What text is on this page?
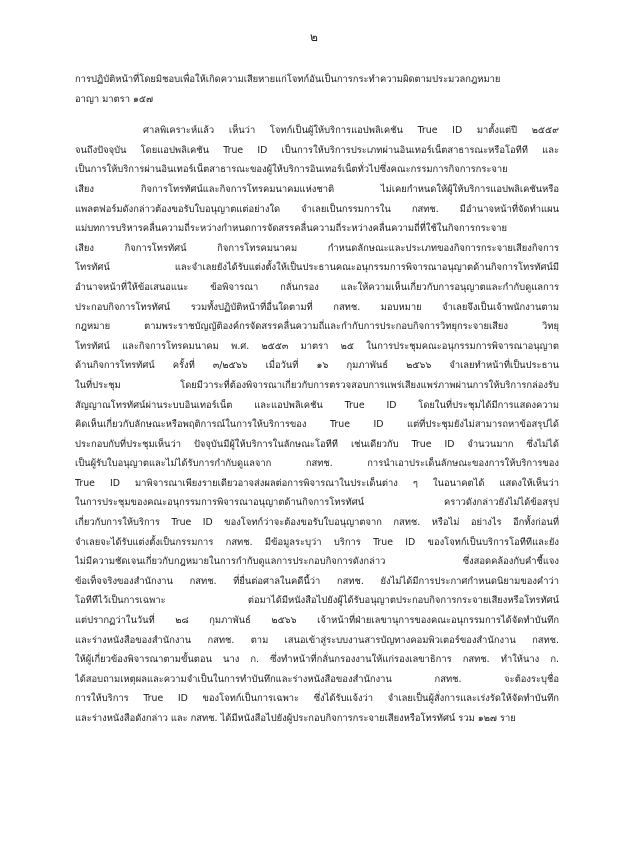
๒
การปฏิบัติหน้าที่โดยมิชอบเพื่อให้เกิดความเสียหายแก่โจทก์อันเป็นการกระทำความผิดตามประมวลกฎหมาย
อาญา มาตรา ๑๕๗
ศาลพิเคราะห์แล้ว เห็นว่า โจทก์เป็นผู้ให้บริการแอปพลิเคชัน True ID มาตั้งแต่ปี ๒๕๕๙
จนถึงปัจจุบัน โดยแอปพลิเคชัน True ID เป็นการให้บริการประเภทผ่านอินเทอร์เน็ตสาธารณะหรือโอทีที และ
เป็นการให้บริการผ่านอินเทอร์เน็ตสาธารณะของผู้ให้บริการอินเทอร์เน็ตทั่วไปซึ่งคณะกรรมการกิจการกระจาย
เสียง กิจการโทรทัศน์และกิจการโทรคมนาคมแห่งชาติ ไม่เคยกำหนดให้ผู้ให้บริการแอปพลิเคชันหรือ
แพลตฟอร์มดังกล่าวต้องขอรับใบอนุญาตแต่อย่างใด จำเลยเป็นกรรมการใน กสทช. มีอำนาจหน้าที่จัดทำแผน
แม่บทการบริหารคลื่นความถี่ระหว่างกำหนดการจัดสรรคลื่นความถี่ระหว่างคลื่นความถี่ที่ใช้ในกิจการกระจาย
เสียง กิจการโทรทัศน์ กิจการโทรคมนาคม กำหนดลักษณะและประเภทของกิจการกระจายเสียงกิจการ
โทรทัศน์ และจำเลยยังได้รับแต่งตั้งให้เป็นประธานคณะอนุกรรมการพิจารณาอนุญาตด้านกิจการโทรทัศน์มี
อำนาจหน้าที่ให้ข้อเสนอแนะ ข้อพิจารณา กลั่นกรอง และให้ความเห็นเกี่ยวกับการอนุญาตและกำกับดูแลการ
ประกอบกิจการโทรทัศน์ รวมทั้งปฏิบัติหน้าที่อื่นใดตามที่ กสทช. มอบหมาย จำเลยจึงเป็นเจ้าพนักงานตาม
กฎหมาย ตามพระราชบัญญัติองค์กรจัดสรรคลื่นความถี่และกำกับการประกอบกิจการวิทยุกระจายเสียง วิทยุ
โทรทัศน์ และกิจการโทรคมนาคม พ.ศ. ๒๕๕๓ มาตรา ๒๕ ในการประชุมคณะอนุกรรมการพิจารณาอนุญาต
ด้านกิจการโทรทัศน์ ครั้งที่ ๓/๒๕๖๖ เมื่อวันที่ ๑๖ กุมภาพันธ์ ๒๕๖๖ จำเลยทำหน้าที่เป็นประธาน
ในที่ประชุม โดยมีวาระที่ต้องพิจารณาเกี่ยวกับการตรวจสอบการแพร่เสียงแพร่ภาพผ่านการให้บริการกล่องรับ
สัญญาณโทรทัศน์ผ่านระบบอินเทอร์เน็ต และแอปพลิเคชัน True ID โดยในที่ประชุมได้มีการแสดงความ
คิดเห็นเกี่ยวกับลักษณะหรือพฤติการณ์ในการให้บริการของ True ID แต่ที่ประชุมยังไม่สามารถหาข้อสรุปได้
ประกอบกับที่ประชุมเห็นว่า ปัจจุบันมีผู้ให้บริการในลักษณะโอทีที เช่นเดียวกับ True ID จำนวนมาก ซึ่งไม่ได้
เป็นผู้รับใบอนุญาตและไม่ได้รับการกำกับดูแลจาก กสทช. การนำเอาประเด็นลักษณะของการให้บริการของ
True ID มาพิจารณาเพียงรายเดียวอาจส่งผลต่อการพิจารณาในประเด็นต่าง ๆ ในอนาคตได้ แสดงให้เห็นว่า
ในการประชุมของคณะอนุกรรมการพิจารณาอนุญาตด้านกิจการโทรทัศน์ คราวดังกล่าวยังไม่ได้ข้อสรุป
เกี่ยวกับการให้บริการ True ID ของโจทก์ว่าจะต้องขอรับใบอนุญาตจาก กสทช. หรือไม่ อย่างไร อีกทั้งก่อนที่
จำเลยจะได้รับแต่งตั้งเป็นกรรมการ กสทช. มีข้อมูลระบุว่า บริการ True ID ของโจทก์เป็นบริการโอทีทีและยัง
ไม่มีความชัดเจนเกี่ยวกับกฎหมายในการกำกับดูแลการประกอบกิจการดังกล่าว ซึ่งสอดคล้องกับคำชี้แจง
ข้อเท็จจริงของสำนักงาน กสทช. ที่ยื่นต่อศาลในคดีนี้ว่า กสทช. ยังไม่ได้มีการประกาศกำหนดนิยามของคำว่า
โอทีทีไว้เป็นการเฉพาะ ต่อมาได้มีหนังสือไปยังผู้ได้รับอนุญาตประกอบกิจการกระจายเสียงหรือโทรทัศน์
แต่ปรากฏว่าในวันที่ ๒๘ กุมภาพันธ์ ๒๕๖๖ เจ้าหน้าที่ฝ่ายเลขานุการของคณะอนุกรรมการได้จัดทำบันทึก
และร่างหนังสือของสำนักงาน กสทช. ตาม เสนอเข้าสู่ระบบงานสารบัญทางคอมพิวเตอร์ของสำนักงาน กสทช.
ให้ผู้เกี่ยวข้องพิจารณาตามขั้นตอน นาง ก. ซึ่งทำหน้าที่กลั่นกรองงานให้แก่รองเลขาธิการ กสทช. ทำให้นาง ก.
ได้สอบถามเหตุผลและความจำเป็นในการทำบันทึกและร่างหนังสือของสำนักงาน กสทช. จะต้องระบุชื่อ
การให้บริการ True ID ของโจทก์เป็นการเฉพาะ ซึ่งได้รับแจ้งว่า จำเลยเป็นผู้สั่งการและเร่งรัดให้จัดทำบันทึก
และร่างหนังสือดังกล่าว และ กสทช. ได้มีหนังสือไปยังผู้ประกอบกิจการกระจายเสียงหรือโทรทัศน์ รวม ๑๒๗ ราย
